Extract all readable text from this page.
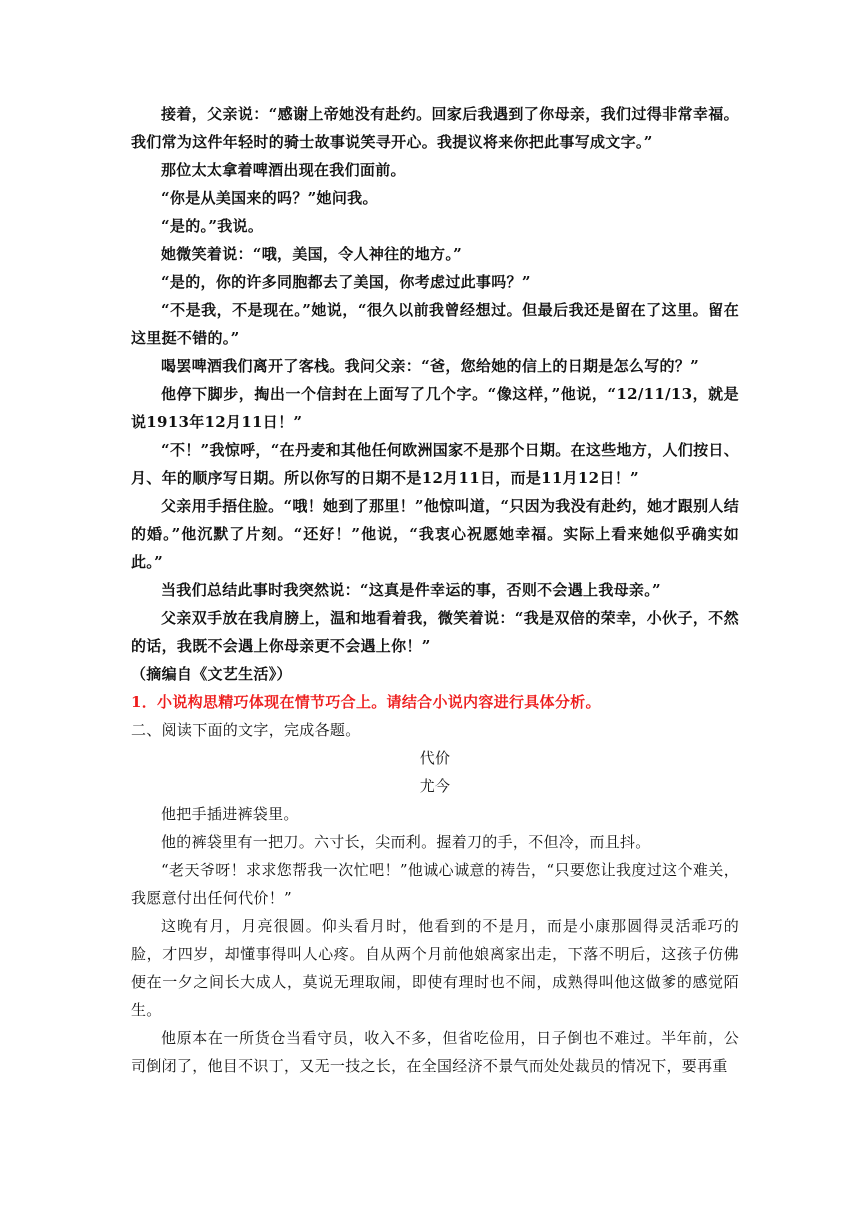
接着，父亲说：“感谢上帝她没有赴约。回家后我遇到了你母亲，我们过得非常幸福。我们常为这件年轻时的骑士故事说笑寻开心。我提议将来你把此事写成文字。”

那位太太拿着啤酒出现在我们面前。

“你是从美国来的吗？”她问我。

“是的。”我说。

她微笑着说：“哦，美国，令人神往的地方。”

“是的，你的许多同胞都去了美国，你考虑过此事吗？”

“不是我，不是现在。”她说，“很久以前我曾经想过。但最后我还是留在了这里。留在这里挺不错的。”

喝罢啤酒我们离开了客栈。我问父亲：“爸，您给她的信上的日期是怎么写的？”

他停下脚步，掏出一个信封在上面写了几个字。“像这样，”他说，“12/11/13，就是说1913年12月11日！”

“不！”我惊呼，“在丹麦和其他任何欧洲国家不是那个日期。在这些地方，人们按日、月、年的顺序写日期。所以你写的日期不是12月11日，而是11月12日！”

父亲用手捂住脸。“哦！她到了那里！”他惊叫道，“只因为我没有赴约，她才跟别人结的婚。”他沉默了片刻。“还好！”他说，“我衷心祝愿她幸福。实际上看来她似乎确实如此。”

当我们总结此事时我突然说：“这真是件幸运的事，否则不会遇上我母亲。”

父亲双手放在我肩膀上，温和地看着我，微笑着说：“我是双倍的荣幸，小伙子，不然的话，我既不会遇上你母亲更不会遇上你！”

（摘编自《文艺生活》）

1．小说构思精巧体现在情节巧合上。请结合小说内容进行具体分析。

二、阅读下面的文字，完成各题。

代价

尤今

他把手插进裤袋里。

他的裤袋里有一把刀。六寸长，尖而利。握着刀的手，不但冷，而且抖。

“老天爷呀！求求您帮我一次忙吧！”他诚心诚意的祷告，“只要您让我度过这个难关，我愿意付出任何代价！”

这晚有月，月亮很圆。仰头看月时，他看到的不是月，而是小康那圆得灵活乖巧的脸，才四岁，却懂事得叫人心疼。自从两个月前他娘离家出走，下落不明后，这孩子仿佛便在一夕之间长大成人，莫说无理取闹，即使有理时也不闹，成熟得叫他这做爹的感觉陌生。

他原本在一所货仓当看守员，收入不多，但省吃俭用，日子倒也不难过。半年前，公司倒闭了，他目不识丁，又无一技之长，在全国经济不景气而处处裁员的情况下，要再重
